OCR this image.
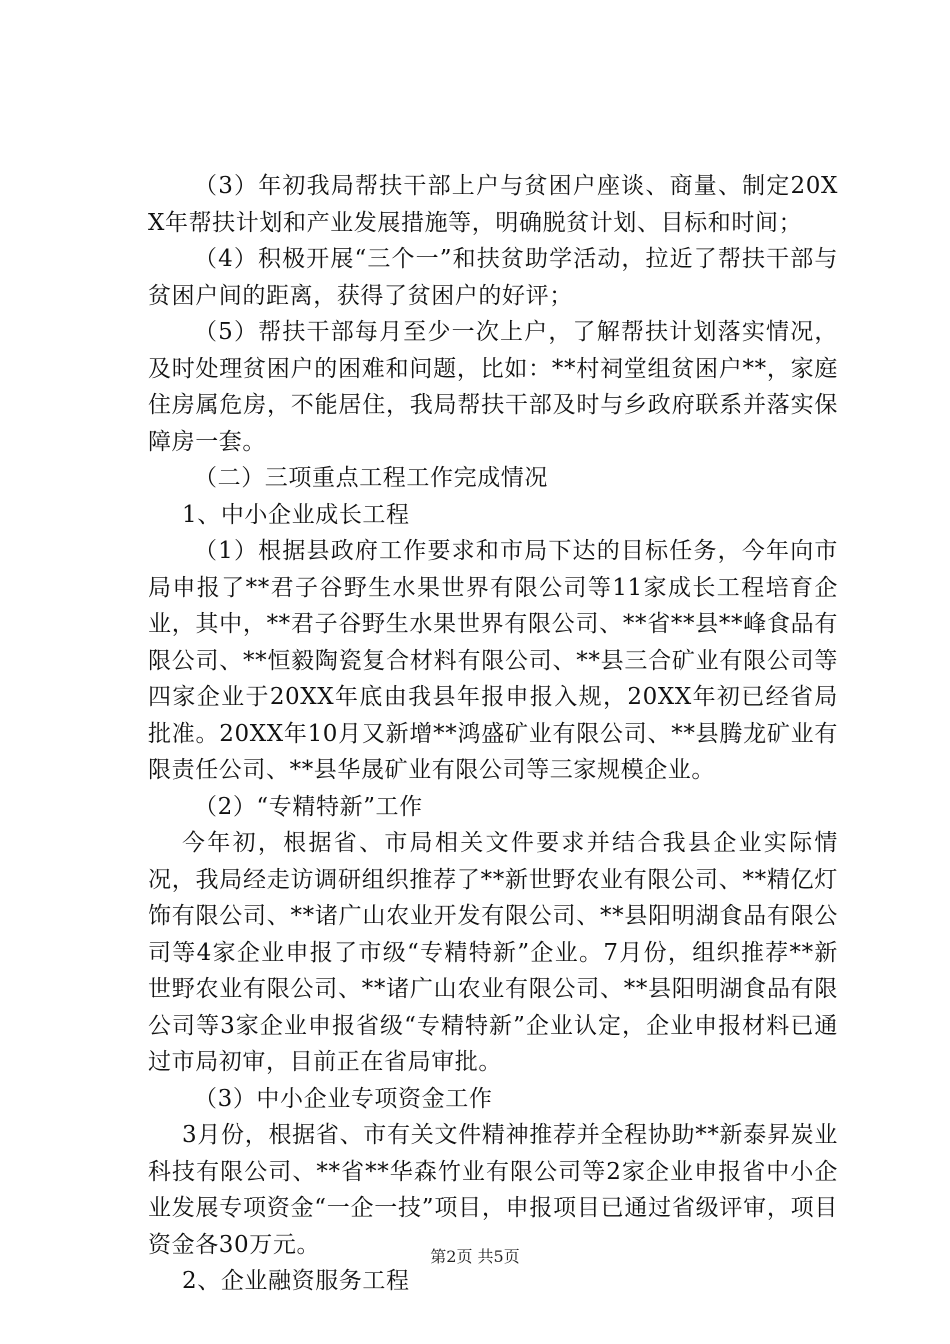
（3）年初我局帮扶干部上户与贫困户座谈、商量、制定20XX年帮扶计划和产业发展措施等，明确脱贫计划、目标和时间；

（4）积极开展“三个一”和扶贫助学活动，拉近了帮扶干部与贫困户间的距离，获得了贫困户的好评；

（5）帮扶干部每月至少一次上户，了解帮扶计划落实情况，及时处理贫困户的困难和问题，比如：**村祠堂组贫困户**，家庭住房属危房，不能居住，我局帮扶干部及时与乡政府联系并落实保障房一套。

（二）三项重点工程工作完成情况

1、中小企业成长工程

（1）根据县政府工作要求和市局下达的目标任务，今年向市局申报了**君子谷野生水果世界有限公司等11家成长工程培育企业，其中，**君子谷野生水果世界有限公司、**省**县**峰食品有限公司、**恒毅陶瓷复合材料有限公司、**县三合矿业有限公司等四家企业于20XX年底由我县年报申报入规，20XX年初已经省局批准。20XX年10月又新增**鸿盛矿业有限公司、**县腾龙矿业有限责任公司、**县华晟矿业有限公司等三家规模企业。

（2）“专精特新”工作

今年初，根据省、市局相关文件要求并结合我县企业实际情况，我局经走访调研组织推荐了**新世野农业有限公司、**精亿灯饰有限公司、**诸广山农业开发有限公司、**县阳明湖食品有限公司等4家企业申报了市级“专精特新”企业。7月份，组织推荐**新世野农业有限公司、**诸广山农业有限公司、**县阳明湖食品有限公司等3家企业申报省级“专精特新”企业认定，企业申报材料已通过市局初审，目前正在省局审批。

（3）中小企业专项资金工作

3月份，根据省、市有关文件精神推荐并全程协助**新泰昇炭业科技有限公司、**省**华森竹业有限公司等2家企业申报省中小企业发展专项资金“一企一技”项目，申报项目已通过省级评审，项目资金各30万元。

2、企业融资服务工程

第2页 共5页
